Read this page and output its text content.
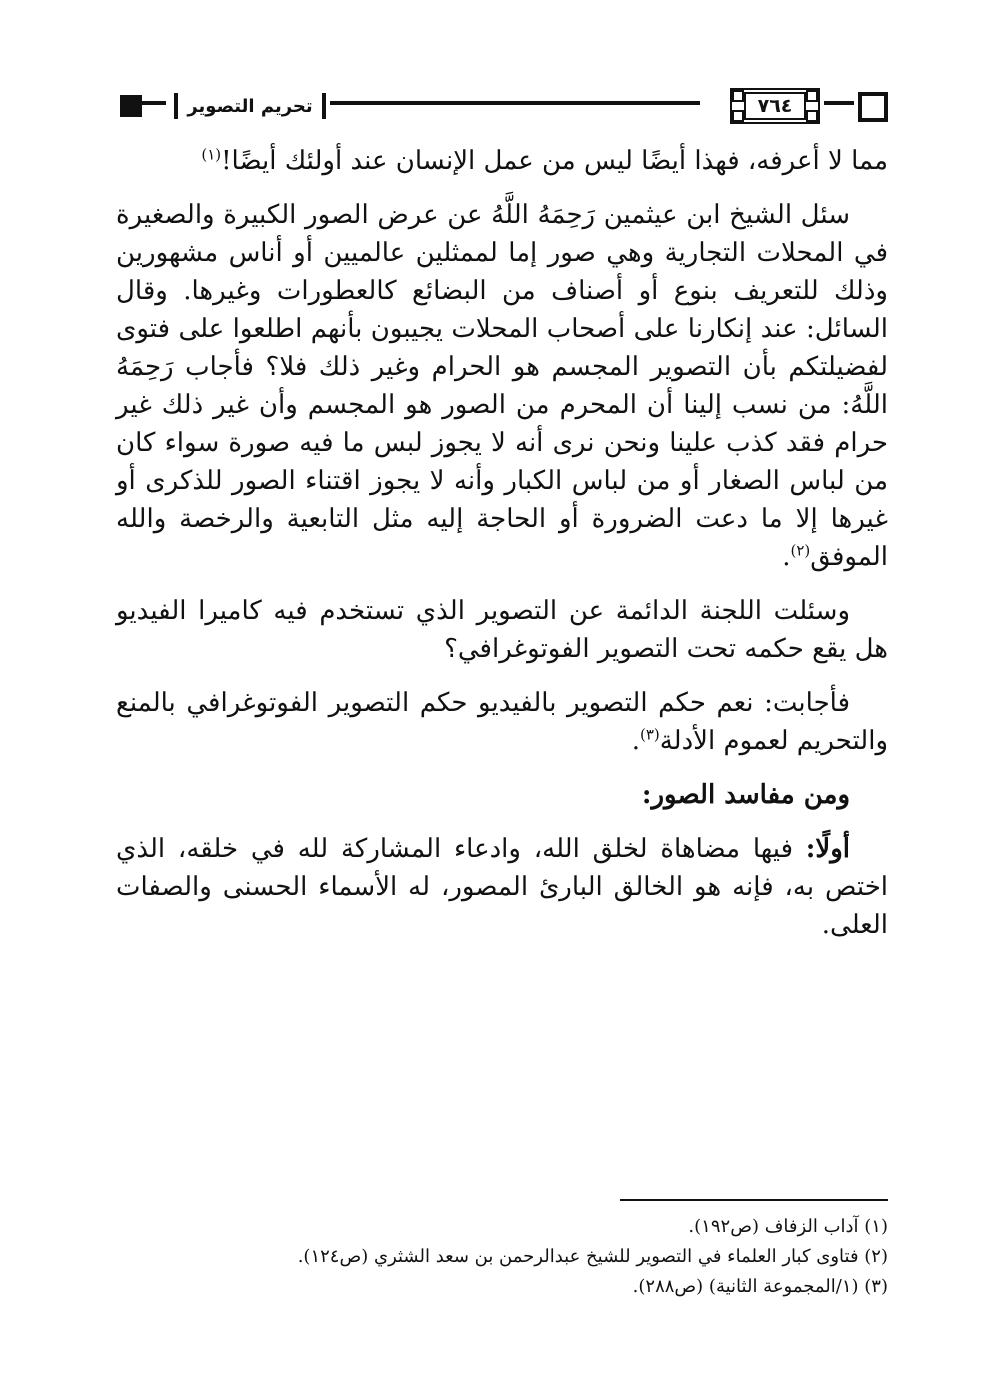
تحريم التصوير	٧٦٤

مما لا أعرفه، فهذا أيضًا ليس من عمل الإنسان عند أولئك أيضًا!$^{(١)}$

سئل الشيخ ابن عيثمين رَحِمَهُ اللَّهُ عن عرض الصور الكبيرة والصغيرة في المحلات التجارية وهي صور إما لممثلين عالميين أو أناس مشهورين وذلك للتعريف بنوع أو أصناف من البضائع كالعطورات وغيرها. وقال السائل: عند إنكارنا على أصحاب المحلات يجيبون بأنهم اطلعوا على فتوى لفضيلتكم بأن التصوير المجسم هو الحرام وغير ذلك فلا؟ فأجاب رَحِمَهُ اللَّهُ: من نسب إلينا أن المحرم من الصور هو المجسم وأن غير ذلك غير حرام فقد كذب علينا ونحن نرى أنه لا يجوز لبس ما فيه صورة سواء كان من لباس الصغار أو من لباس الكبار وأنه لا يجوز اقتناء الصور للذكرى أو غيرها إلا ما دعت الضرورة أو الحاجة إليه مثل التابعية والرخصة والله الموفق$^{(٢)}$.

وسئلت اللجنة الدائمة عن التصوير الذي تستخدم فيه كاميرا الفيديو هل يقع حكمه تحت التصوير الفوتوغرافي؟

فأجابت: نعم حكم التصوير بالفيديو حكم التصوير الفوتوغرافي بالمنع والتحريم لعموم الأدلة$^{(٣)}$.

ومن مفاسد الصور:

أولًا: فيها مضاهاة لخلق الله، وادعاء المشاركة لله في خلقه، الذي اختص به، فإنه هو الخالق البارئ المصور، له الأسماء الحسنى والصفات العلى.

(١) آداب الزفاف (ص١٩٢).
(٢) فتاوى كبار العلماء في التصوير للشيخ عبدالرحمن بن سعد الشثري (ص١٢٤).
(٣) (١/المجموعة الثانية) (ص٢٨٨).
